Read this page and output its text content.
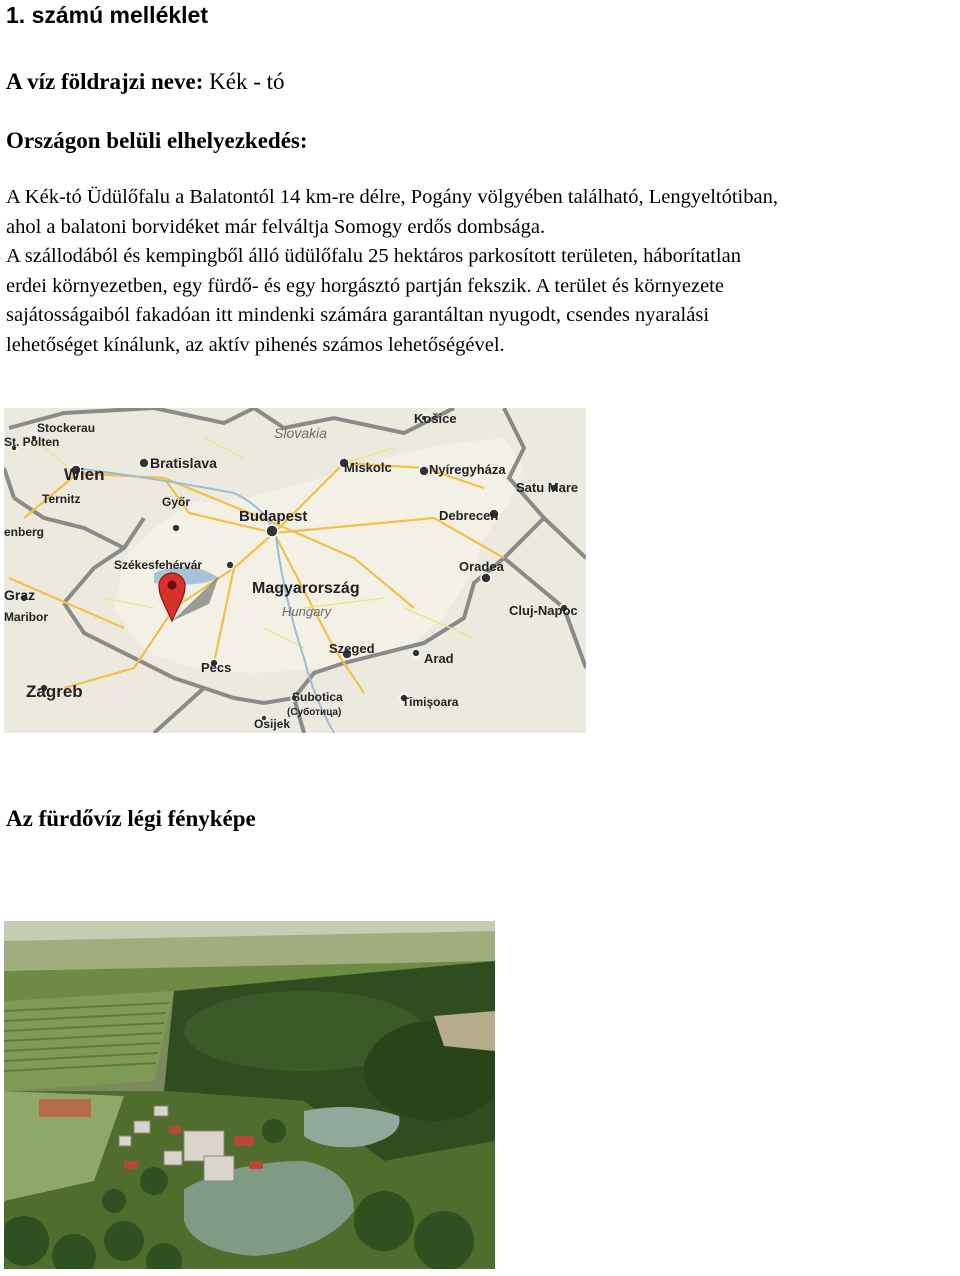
1. számú melléklet
A víz földrajzi neve: Kék - tó
Országon belüli elhelyezkedés:
A Kék-tó Üdülőfalu a Balatontól 14 km-re délre, Pogány völgyében található, Lengyeltótiban,
ahol a balatoni borvidéket már felváltja Somogy erdős dombsága.
A szállodából és kempingből álló üdülőfalu 25 hektáros parkosított területen, háborítatlan
erdei környezetben, egy fürdő- és egy horgásztó partján fekszik. A terület és környezete
sajátosságaiból fakadóan itt mindenki számára garantáltan nyugodt, csendes nyaralási
lehetőséget kínálunk, az aktív pihenés számos lehetőségével.
Slovakia
Košice
Stockerau
St. Pölten
Wien
Bratislava	Miskolc	Nyíregyháza
Satu Mare
Ternitz	Győr
Budapest	Debrecen
enberg
Székesfehérvár	Oradea
Magyarország
Graz
Hungary
Maribor	Cluj-Napoc
Szeged
Pécs
Arad
Zagreb	Subotica
(Суботица)
Timişoara
Osijek
Az fürdővíz légi fényképe
